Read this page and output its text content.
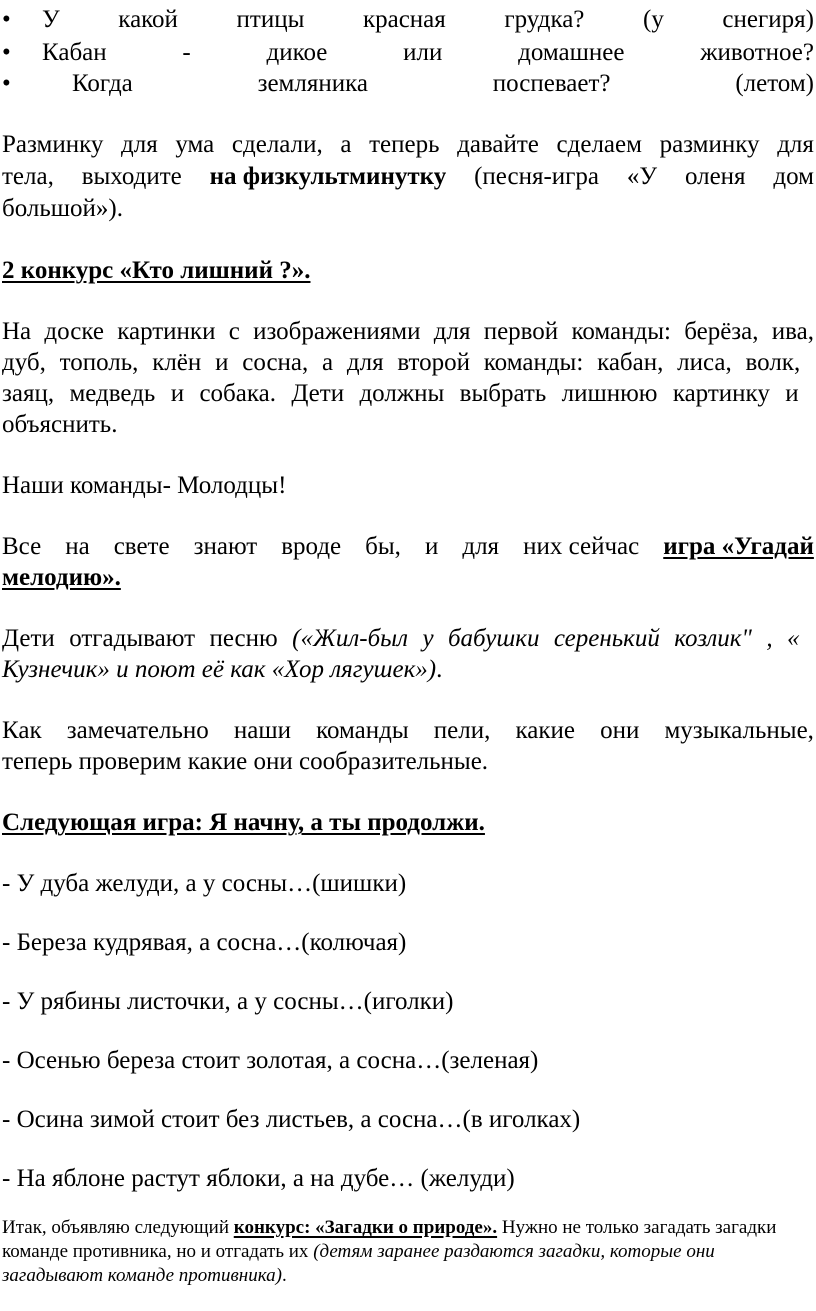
•	У какой птицы красная грудка? (у снегиря)
•	Кабан	-	дикое	или	домашнее	животное?
•	Когда	земляника	поспевает?	(летом)
Разминку для ума сделали, а теперь давайте сделаем разминку для
тела, выходите на физкультминутку (песня-игра «У оленя дом
большой»).
2 конкурс «Кто лишний ?».
На доске картинки с изображениями для первой команды: берёза, ива,
дуб, тополь, клён и сосна, а для второй команды: кабан, лиса, волк,
заяц, медведь и собака. Дети должны выбрать лишнюю картинку и
объяснить.
Наши команды- Молодцы!
Все на свете знают вроде бы, и для них сейчас игра «Угадай
мелодию».
Дети отгадывают песню («Жил-был у бабушки серенький козлик" , «
Кузнечик» и поют её как «Хор лягушек»).
Как замечательно наши команды пели, какие они музыкальные,
теперь проверим какие они сообразительные.
Следующая игра: Я начну, а ты продолжи.
- У дуба желуди, а у сосны…(шишки)
- Береза кудрявая, а сосна…(колючая)
- У рябины листочки, а у сосны…(иголки)
- Осенью береза стоит золотая, а сосна…(зеленая)
- Осина зимой стоит без листьев, а сосна…(в иголках)
- На яблоне растут яблоки, а на дубе… (желуди)
Итак, объявляю следующий конкурс: «Загадки о природе». Нужно не только загадать загадки
команде противника, но и отгадать их (детям заранее раздаются загадки, которые они
загадывают команде противника).
